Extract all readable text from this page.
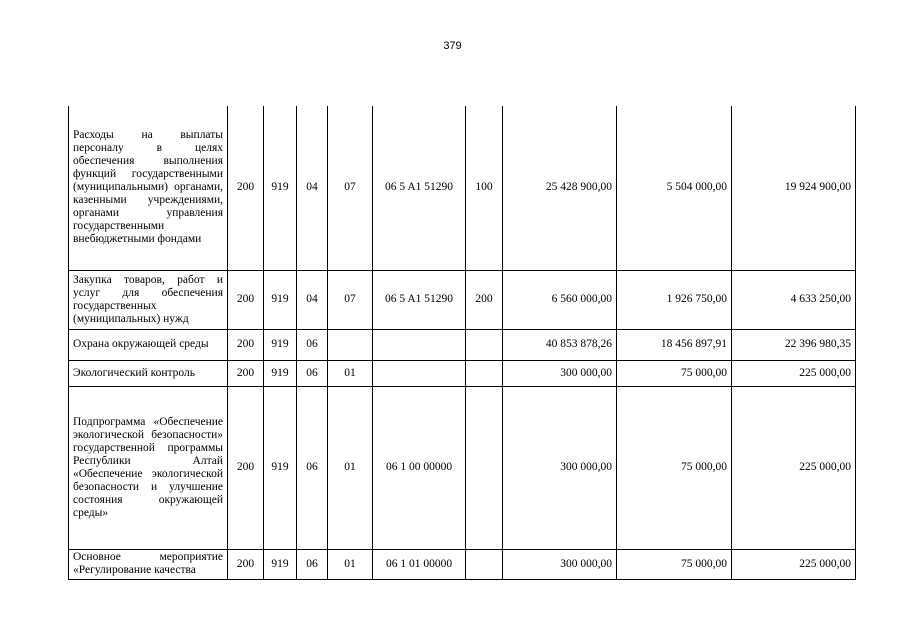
379
Расходы на выплаты персоналу в целях обеспечения выполнения функций государственными (муниципальными) органами, казенными учреждениями, органами управления государственными внебюджетными фондами	200	919	04	07	06 5 A1 51290	100	25 428 900,00	5 504 000,00	19 924 900,00
Закупка товаров, работ и услуг для обеспечения государственных (муниципальных) нужд	200	919	04	07	06 5 A1 51290	200	6 560 000,00	1 926 750,00	4 633 250,00
Охрана окружающей среды	200	919	06				40 853 878,26	18 456 897,91	22 396 980,35
Экологический контроль	200	919	06	01			300 000,00	75 000,00	225 000,00
Подпрограмма «Обеспечение экологической безопасности» государственной программы Республики Алтай «Обеспечение экологической безопасности и улучшение состояния окружающей среды»	200	919	06	01	06 1 00 00000		300 000,00	75 000,00	225 000,00
Основное мероприятие «Регулирование качества	200	919	06	01	06 1 01 00000		300 000,00	75 000,00	225 000,00
